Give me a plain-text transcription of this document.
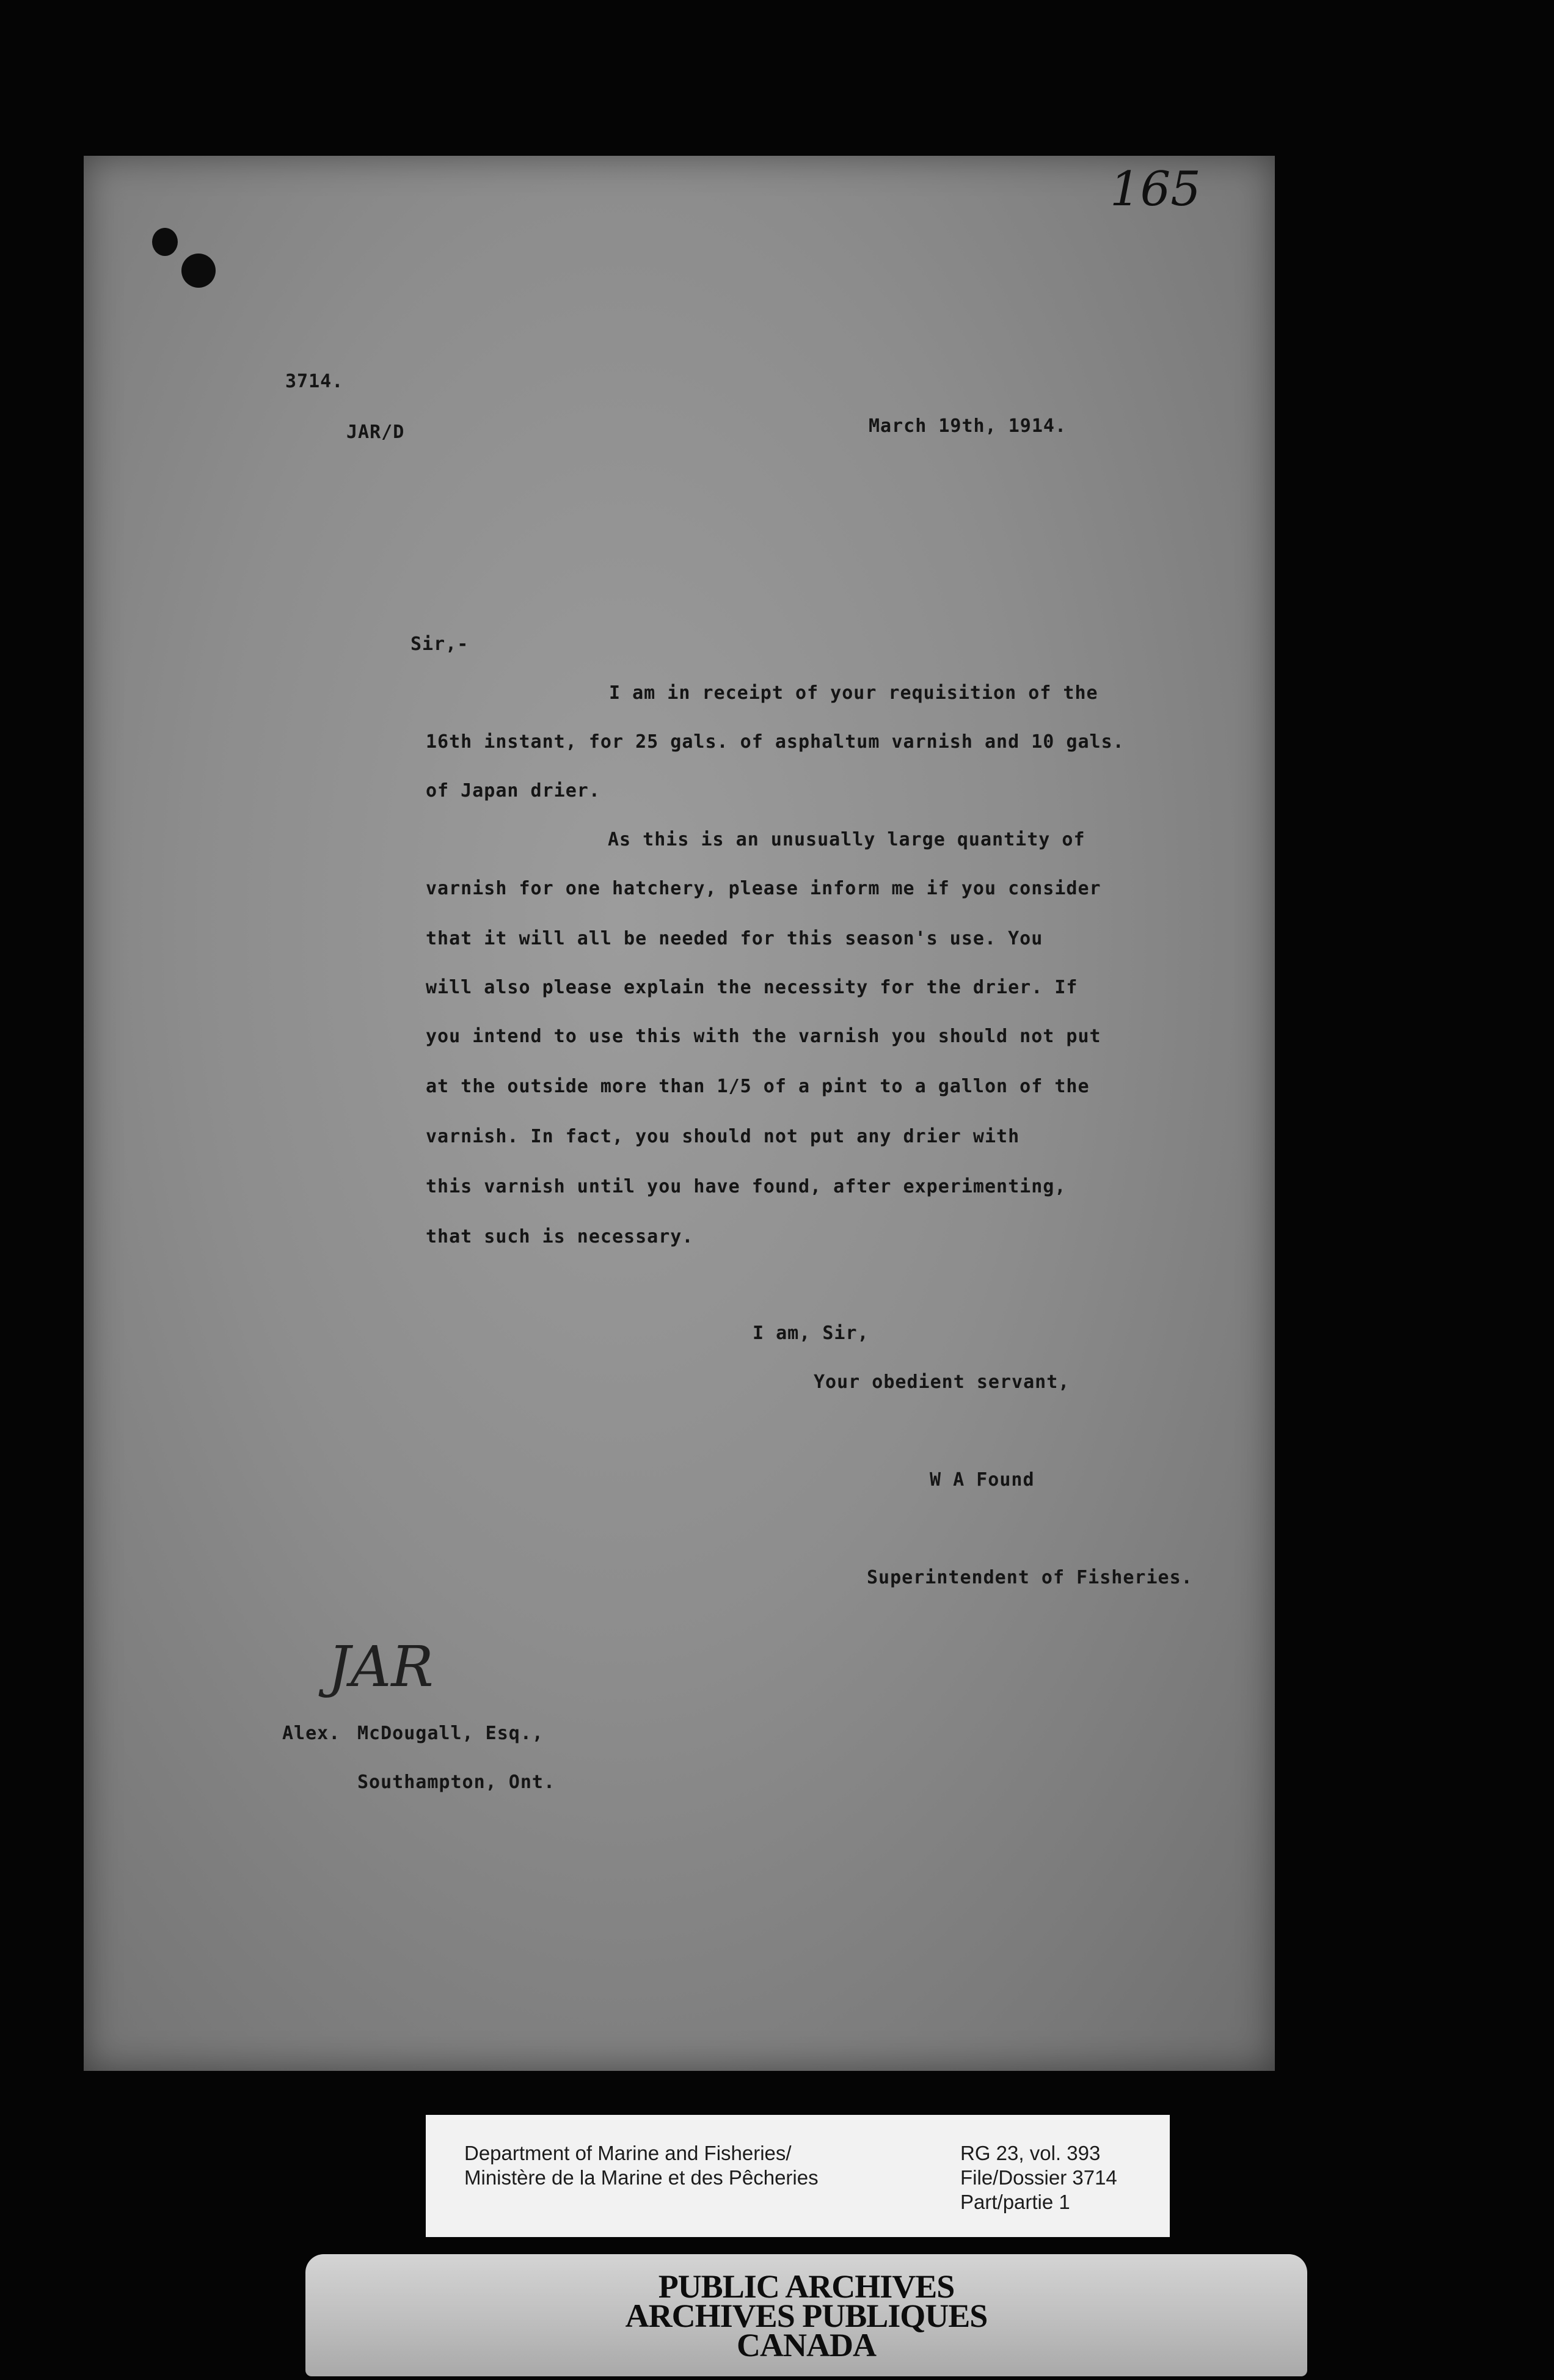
165
3714.
JAR/D	March 19th, 1914.
Sir,-
I am in receipt of your requisition of the
16th instant, for 25 gals. of asphaltum varnish and 10 gals.
of Japan drier.
As this is an unusually large quantity of
varnish for one hatchery, please inform me if you consider
that it will all be needed for this season's use. You
will also please explain the necessity for the drier. If
you intend to use this with the varnish you should not put
at the outside more than 1/5 of a pint to a gallon of the
varnish. In fact, you should not put any drier with
this varnish until you have found, after experimenting,
that such is necessary.
I am, Sir,
Your obedient servant,
W A Found
Superintendent of Fisheries.
JAR
Alex. McDougall, Esq.,
Southampton, Ont.
Department of Marine and Fisheries/
Ministère de la Marine et des Pêcheries
RG 23, vol. 393
File/Dossier 3714
Part/partie 1
PUBLIC ARCHIVES
ARCHIVES PUBLIQUES
CANADA
